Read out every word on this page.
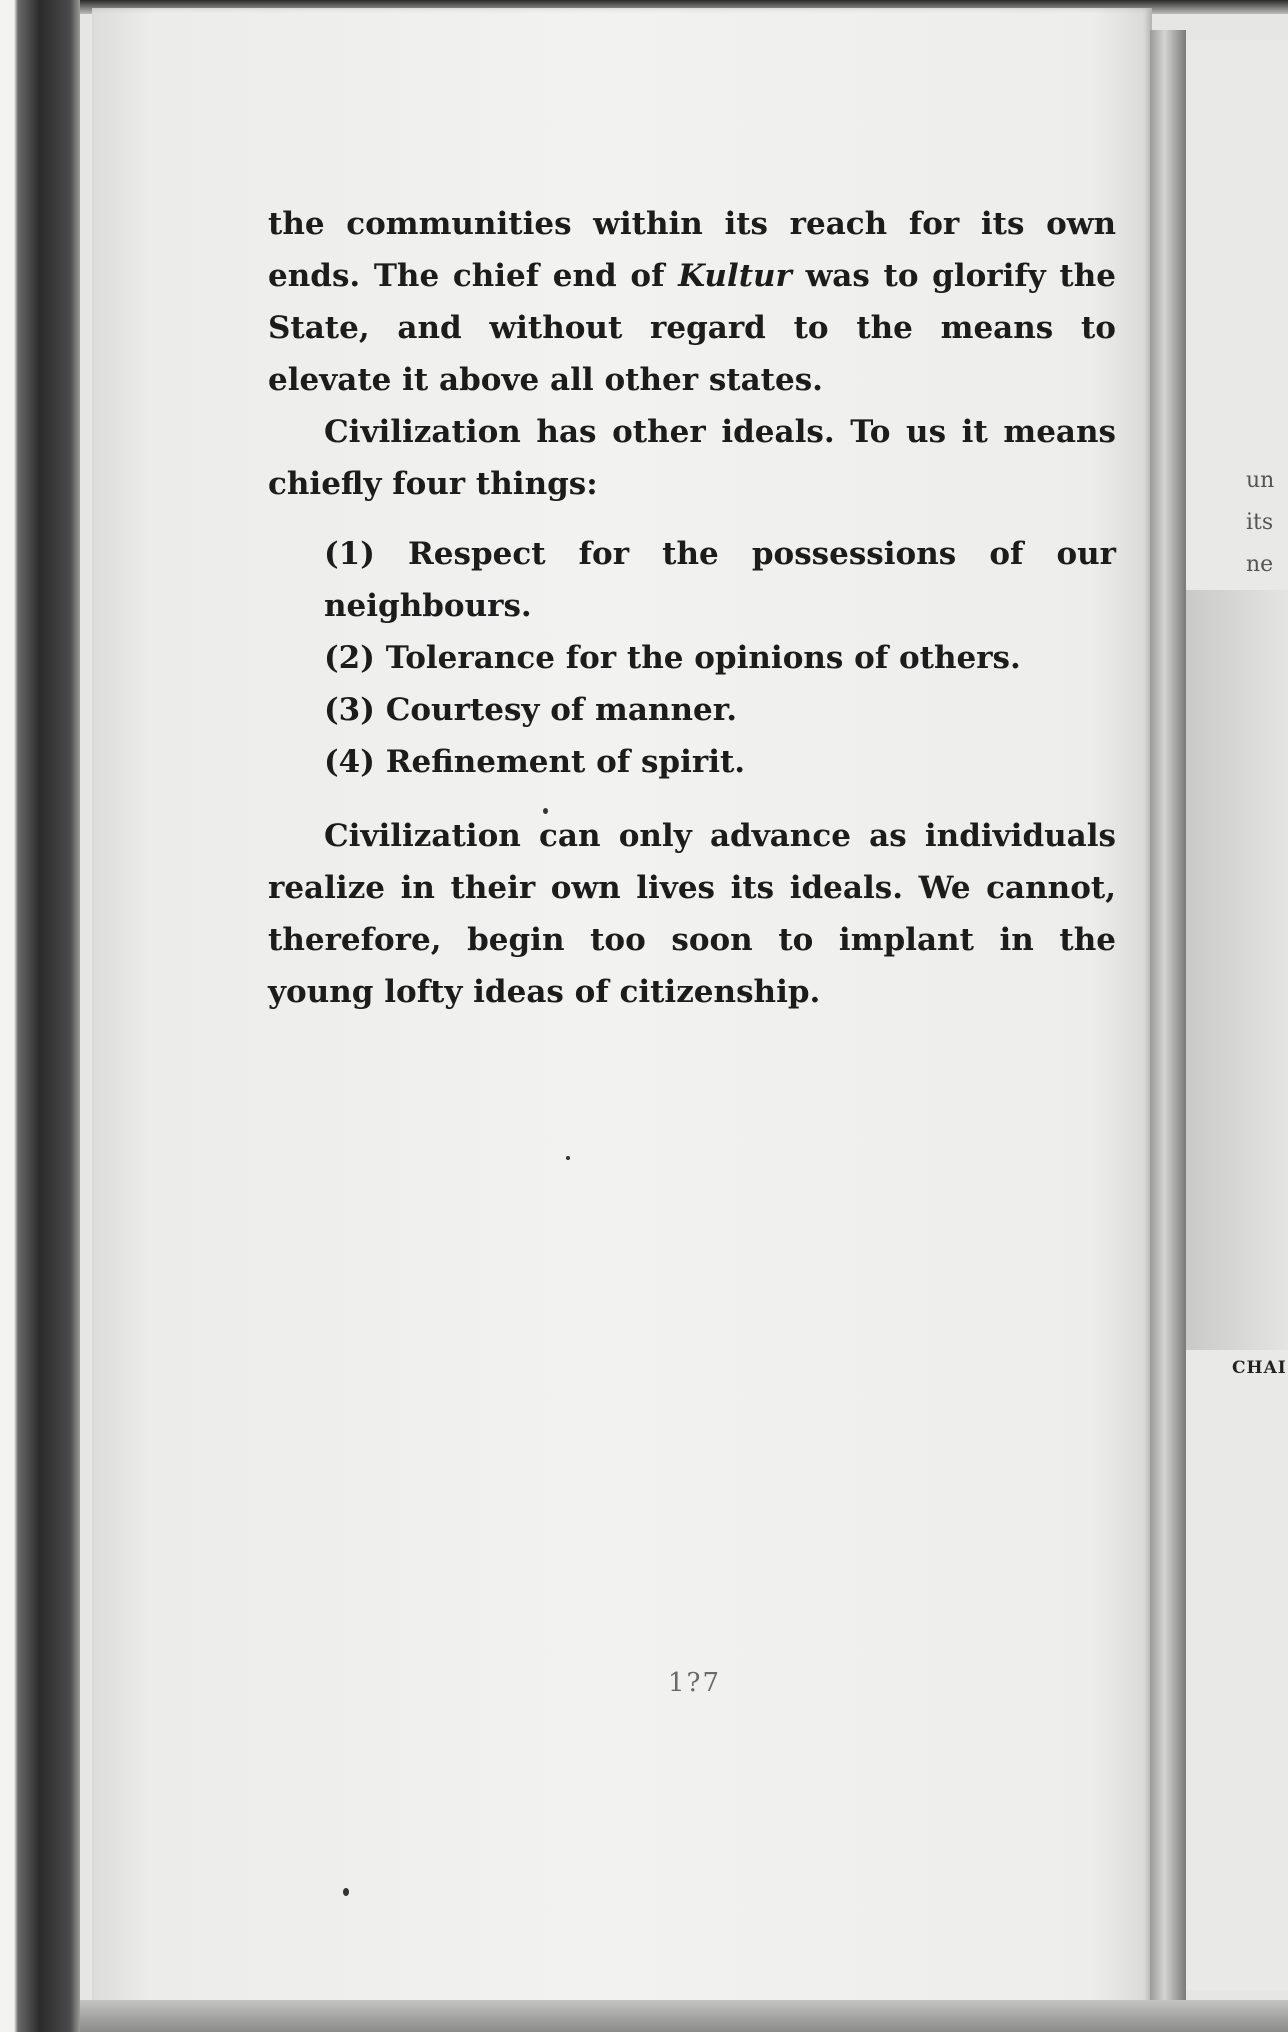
un
its
ne
CHAI

the communities within its reach for its own ends. The chief end of Kultur was to glorify the State, and without regard to the means to elevate it above all other states.

Civilization has other ideals. To us it means chiefly four things:

(1) Respect for the possessions of our neighbours.

(2) Tolerance for the opinions of others.

(3) Courtesy of manner.

(4) Refinement of spirit.

Civilization can only advance as individuals realize in their own lives its ideals. We cannot, therefore, begin too soon to implant in the young lofty ideas of citizenship.

1?7
